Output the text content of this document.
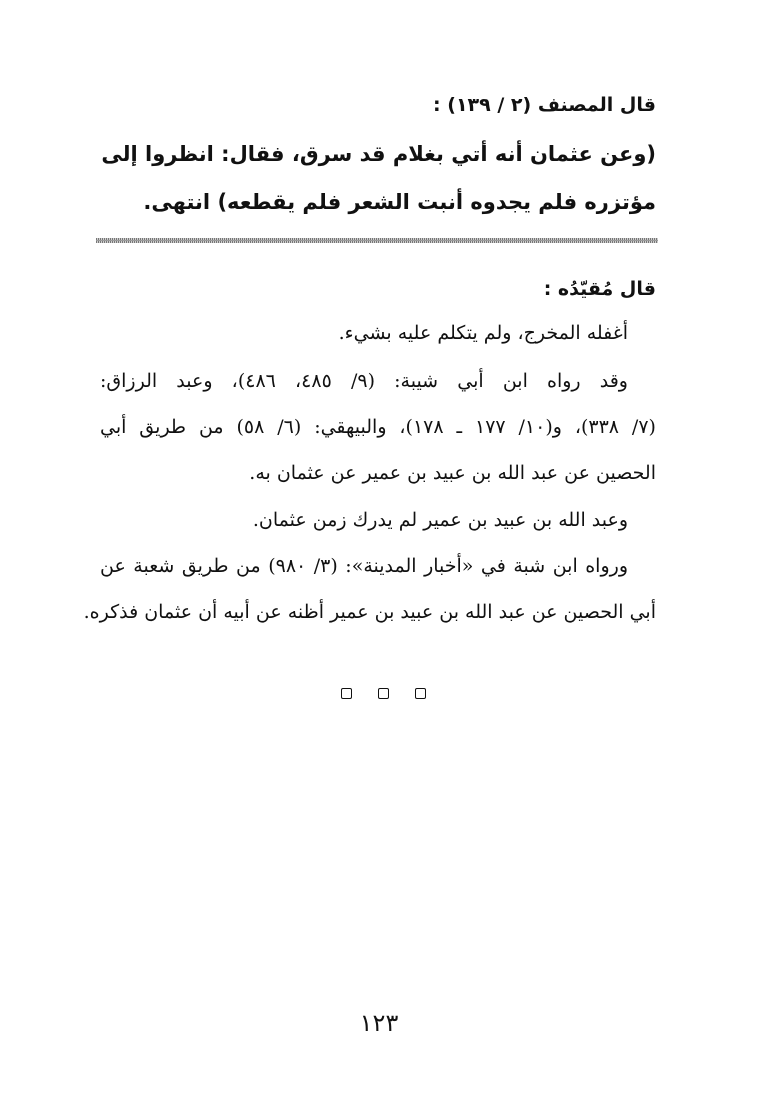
قال المصنف (٢ / ١٣٩) :
(وعن عثمان أنه أتي بغلام قد سرق، فقال: انظروا إلى
مؤتزره فلم يجدوه أنبت الشعر فلم يقطعه) انتهى.
قال مُقيّدُه :
أغفله المخرج، ولم يتكلم عليه بشيء.
وقد رواه ابن أبي شيبة: (٩/ ٤٨٥، ٤٨٦)، وعبد الرزاق:
(٧/ ٣٣٨)، و(١٠/ ١٧٧ ـ ١٧٨)، والبيهقي: (٦/ ٥٨) من طريق أبي
الحصين عن عبد الله بن عبيد بن عمير عن عثمان به.
وعبد الله بن عبيد بن عمير لم يدرك زمن عثمان.
ورواه ابن شبة في «أخبار المدينة»: (٣/ ٩٨٠) من طريق شعبة عن
أبي الحصين عن عبد الله بن عبيد بن عمير أظنه عن أبيه أن عثمان فذكره.
١٢٣
